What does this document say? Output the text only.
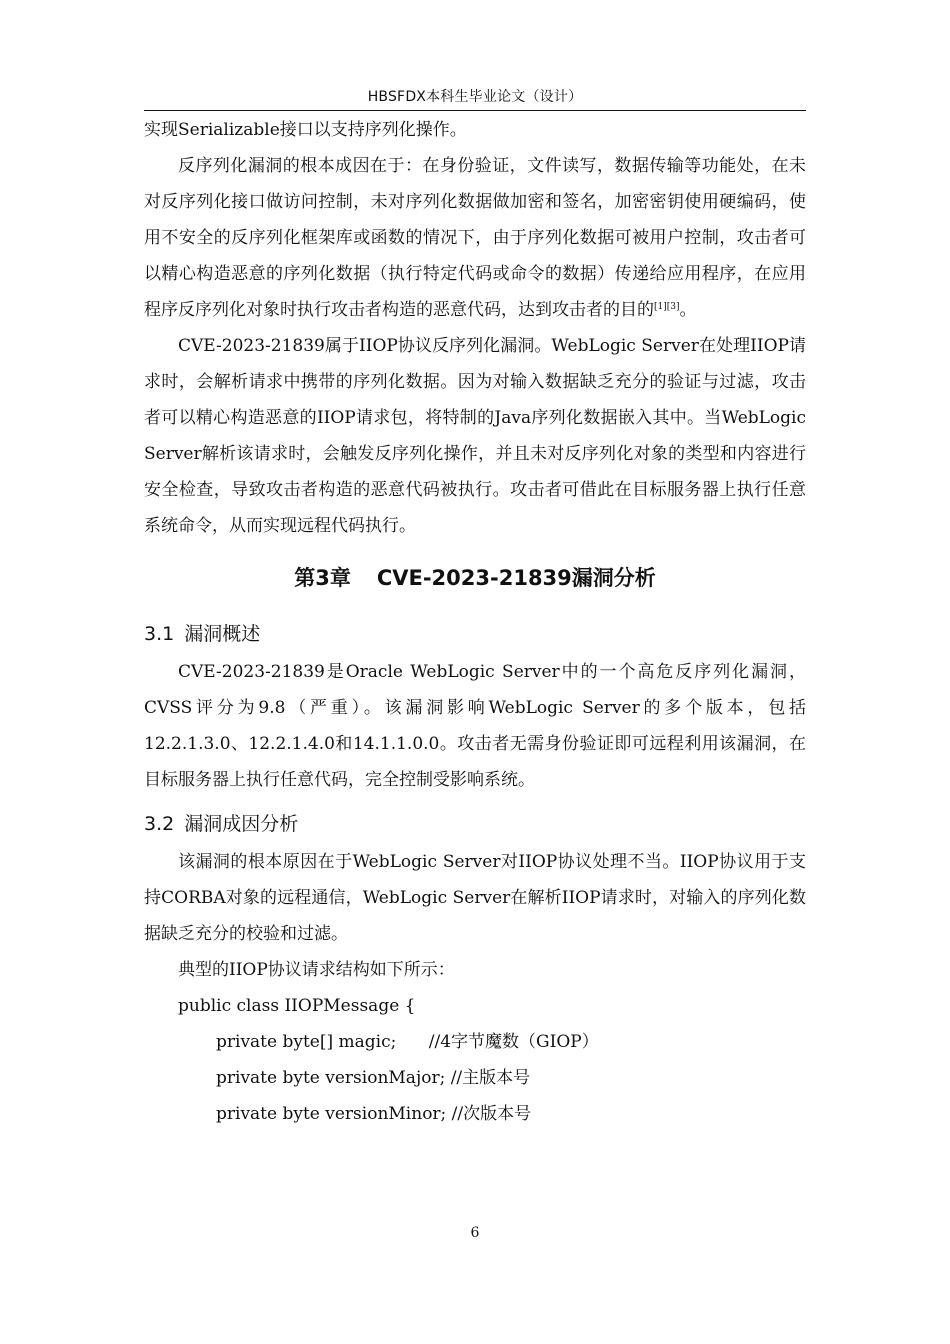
HBSFDX本科生毕业论文（设计）

实现Serializable接口以支持序列化操作。

反序列化漏洞的根本成因在于：在身份验证，文件读写，数据传输等功能处，在未对反序列化接口做访问控制，未对序列化数据做加密和签名，加密密钥使用硬编码，使用不安全的反序列化框架库或函数的情况下，由于序列化数据可被用户控制，攻击者可以精心构造恶意的序列化数据（执行特定代码或命令的数据）传递给应用程序，在应用程序反序列化对象时执行攻击者构造的恶意代码，达到攻击者的目的[1][3]。

CVE-2023-21839属于IIOP协议反序列化漏洞。WebLogic Server在处理IIOP请求时，会解析请求中携带的序列化数据。因为对输入数据缺乏充分的验证与过滤，攻击者可以精心构造恶意的IIOP请求包，将特制的Java序列化数据嵌入其中。当WebLogic Server解析该请求时，会触发反序列化操作，并且未对反序列化对象的类型和内容进行安全检查，导致攻击者构造的恶意代码被执行。攻击者可借此在目标服务器上执行任意系统命令，从而实现远程代码执行。

第3章 CVE-2023-21839漏洞分析
3.1 漏洞概述

CVE-2023-21839是Oracle WebLogic Server中的一个高危反序列化漏洞，CVSS评分为9.8（严重）。该漏洞影响WebLogic Server的多个版本，包括12.2.1.3.0、12.2.1.4.0和14.1.1.0.0。攻击者无需身份验证即可远程利用该漏洞，在目标服务器上执行任意代码，完全控制受影响系统。

3.2 漏洞成因分析

该漏洞的根本原因在于WebLogic Server对IIOP协议处理不当。IIOP协议用于支持CORBA对象的远程通信，WebLogic Server在解析IIOP请求时，对输入的序列化数据缺乏充分的校验和过滤。

典型的IIOP协议请求结构如下所示：

public class IIOPMessage {
private byte[] magic;      //4字节魔数（GIOP）
private byte versionMajor; //主版本号
private byte versionMinor; //次版本号
6
